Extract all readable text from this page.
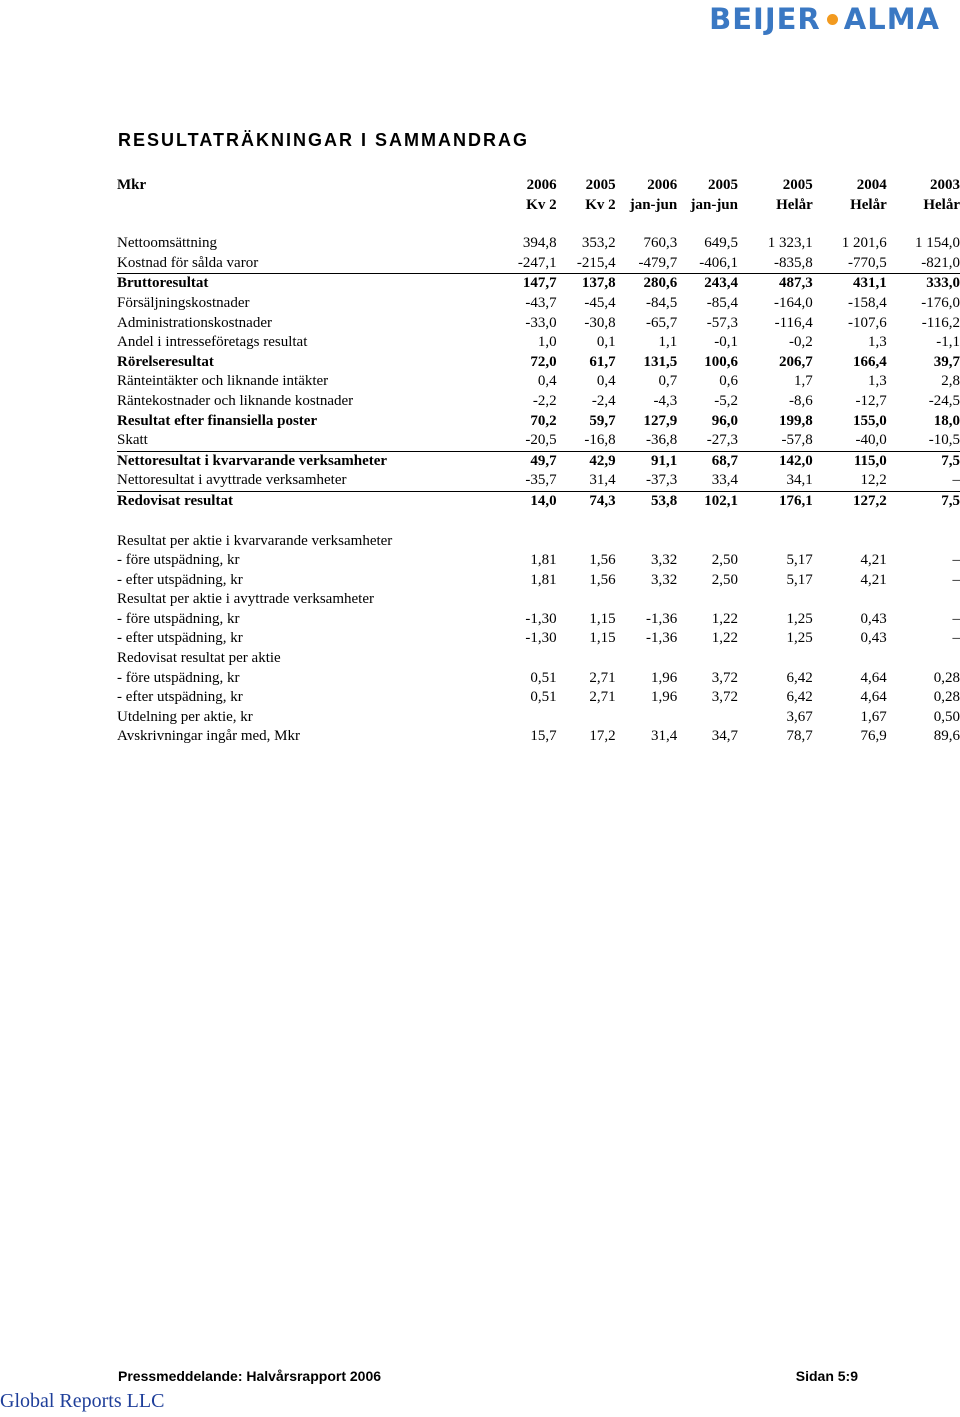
BEIJER ALMA
RESULTATRÄKNINGAR I SAMMANDRAG
Mkr	2006	2005	2006	2005	2005	2004	2003
	Kv 2	Kv 2	jan-jun	jan-jun	Helår	Helår	Helår

Nettoomsättning	394,8	353,2	760,3	649,5	1 323,1	1 201,6	1 154,0
Kostnad för sålda varor	-247,1	-215,4	-479,7	-406,1	-835,8	-770,5	-821,0
Bruttoresultat	147,7	137,8	280,6	243,4	487,3	431,1	333,0
Försäljningskostnader	-43,7	-45,4	-84,5	-85,4	-164,0	-158,4	-176,0
Administrationskostnader	-33,0	-30,8	-65,7	-57,3	-116,4	-107,6	-116,2
Andel i intresseföretags resultat	1,0	0,1	1,1	-0,1	-0,2	1,3	-1,1
Rörelseresultat	72,0	61,7	131,5	100,6	206,7	166,4	39,7
Ränteintäkter och liknande intäkter	0,4	0,4	0,7	0,6	1,7	1,3	2,8
Räntekostnader och liknande kostnader	-2,2	-2,4	-4,3	-5,2	-8,6	-12,7	-24,5
Resultat efter finansiella poster	70,2	59,7	127,9	96,0	199,8	155,0	18,0
Skatt	-20,5	-16,8	-36,8	-27,3	-57,8	-40,0	-10,5
Nettoresultat i kvarvarande verksamheter	49,7	42,9	91,1	68,7	142,0	115,0	7,5
Nettoresultat i avyttrade verksamheter	-35,7	31,4	-37,3	33,4	34,1	12,2	–
Redovisat resultat	14,0	74,3	53,8	102,1	176,1	127,2	7,5

Resultat per aktie i kvarvarande verksamheter							
- före utspädning, kr	1,81	1,56	3,32	2,50	5,17	4,21	–
- efter utspädning, kr	1,81	1,56	3,32	2,50	5,17	4,21	–
Resultat per aktie i avyttrade verksamheter							
- före utspädning, kr	-1,30	1,15	-1,36	1,22	1,25	0,43	–
- efter utspädning, kr	-1,30	1,15	-1,36	1,22	1,25	0,43	–
Redovisat resultat per aktie							
- före utspädning, kr	0,51	2,71	1,96	3,72	6,42	4,64	0,28
- efter utspädning, kr	0,51	2,71	1,96	3,72	6,42	4,64	0,28
Utdelning per aktie, kr					3,67	1,67	0,50
Avskrivningar ingår med, Mkr	15,7	17,2	31,4	34,7	78,7	76,9	89,6
Pressmeddelande: Halvårsrapport 2006	Sidan 5:9
Global Reports LLC
